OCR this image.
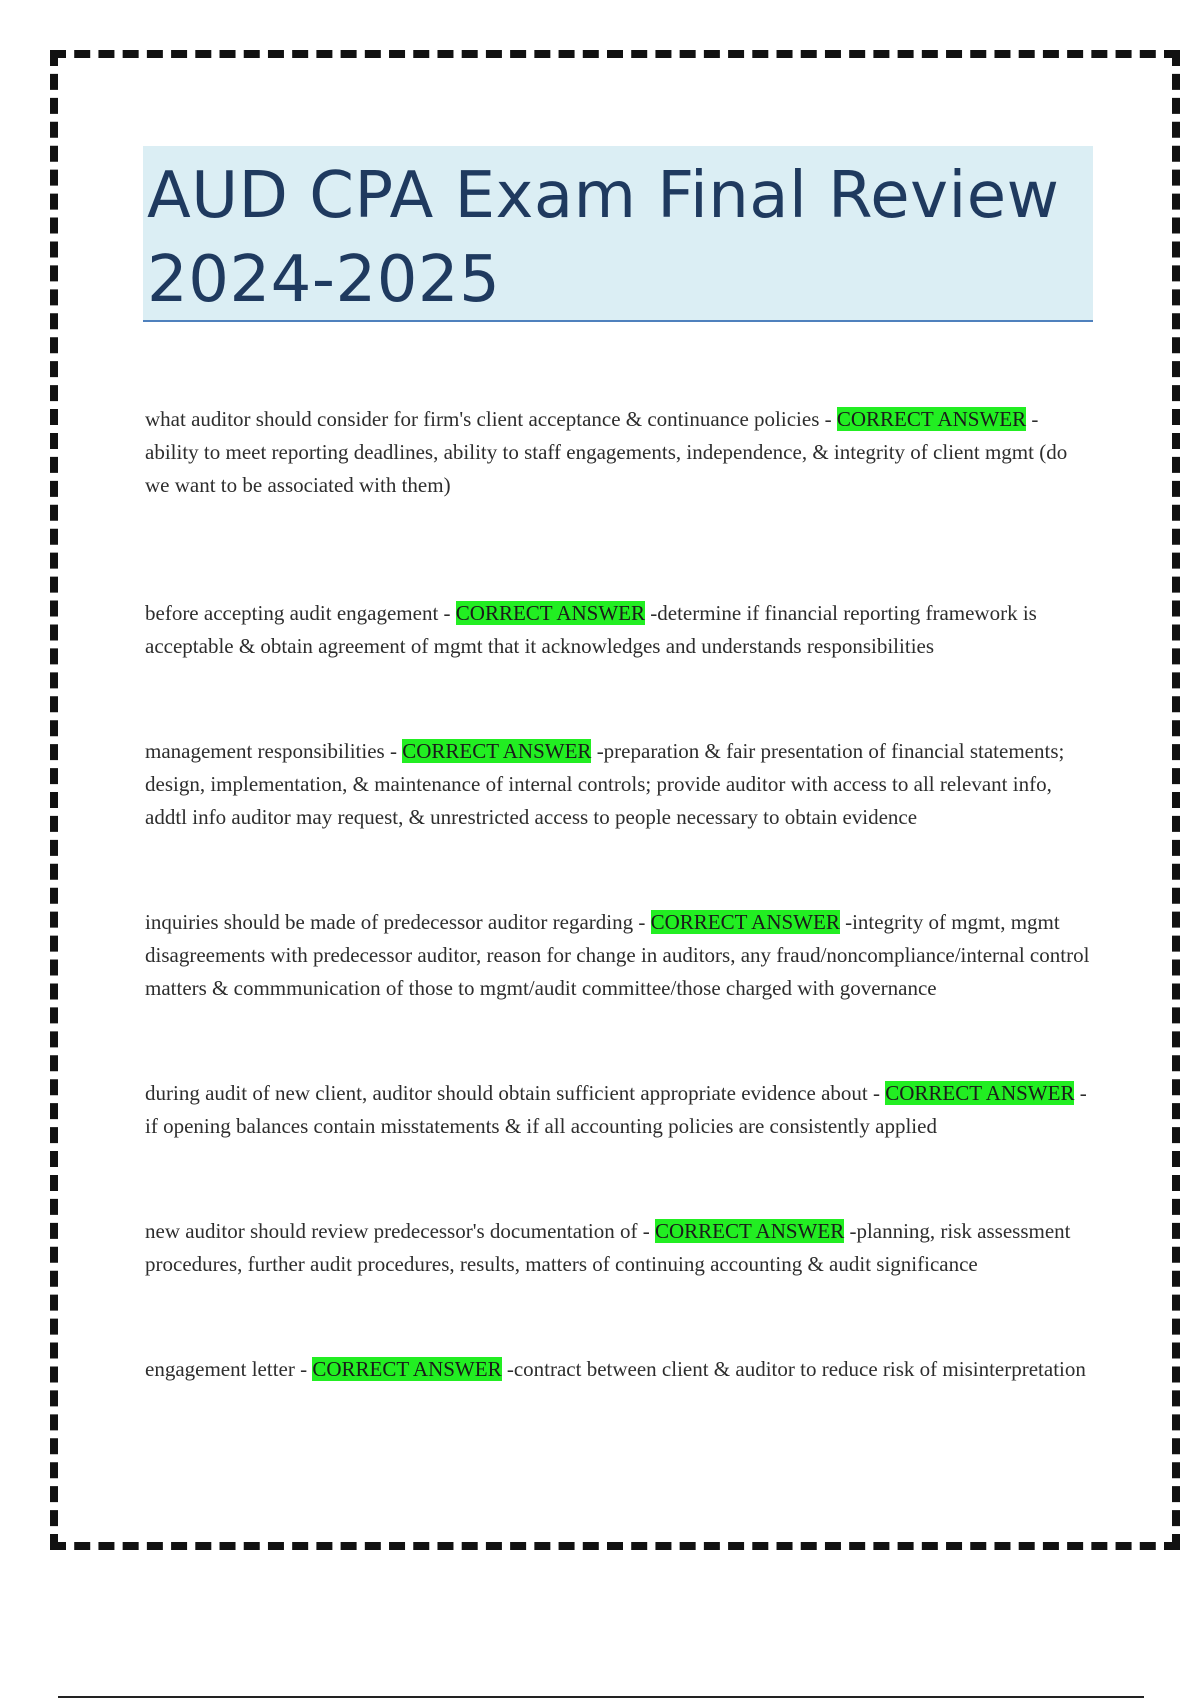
AUD CPA Exam Final Review
2024-2025

what auditor should consider for firm's client acceptance & continuance policies - CORRECT ANSWER - ability to meet reporting deadlines, ability to staff engagements, independence, & integrity of client mgmt (do we want to be associated with them)

before accepting audit engagement - CORRECT ANSWER -determine if financial reporting framework is acceptable & obtain agreement of mgmt that it acknowledges and understands responsibilities

management responsibilities - CORRECT ANSWER -preparation & fair presentation of financial statements; design, implementation, & maintenance of internal controls; provide auditor with access to all relevant info, addtl info auditor may request, & unrestricted access to people necessary to obtain evidence

inquiries should be made of predecessor auditor regarding - CORRECT ANSWER -integrity of mgmt, mgmt disagreements with predecessor auditor, reason for change in auditors, any fraud/noncompliance/internal control matters & commmunication of those to mgmt/audit committee/those charged with governance

during audit of new client, auditor should obtain sufficient appropriate evidence about - CORRECT ANSWER -if opening balances contain misstatements & if all accounting policies are consistently applied

new auditor should review predecessor's documentation of - CORRECT ANSWER -planning, risk assessment procedures, further audit procedures, results, matters of continuing accounting & audit significance

engagement letter - CORRECT ANSWER -contract between client & auditor to reduce risk of misinterpretation
